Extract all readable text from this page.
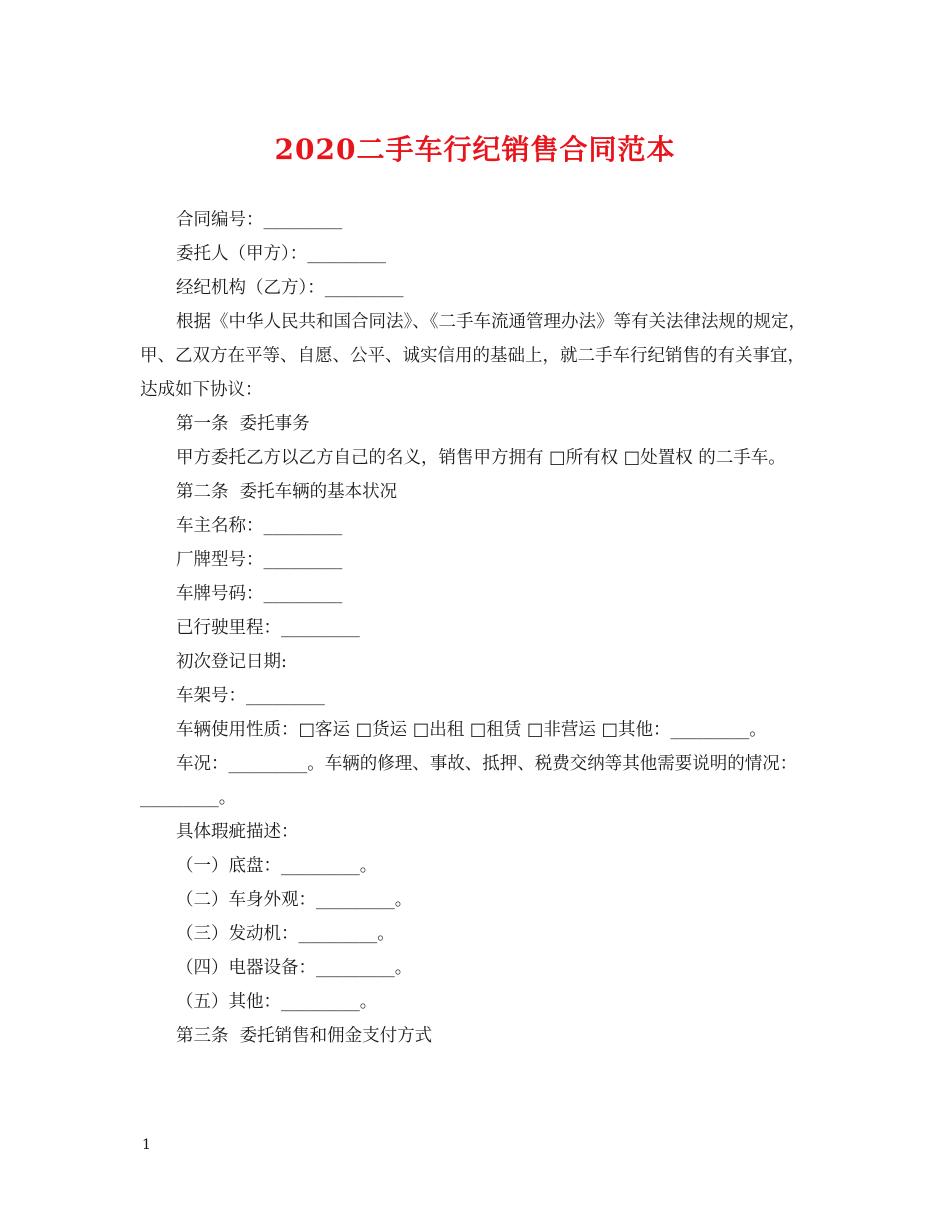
2020二手车行纪销售合同范本

合同编号：_________

委托人（甲方）：_________

经纪机构（乙方）：_________

根据《中华人民共和国合同法》、《二手车流通管理办法》等有关法律法规的规定，甲、乙双方在平等、自愿、公平、诚实信用的基础上，就二手车行纪销售的有关事宜，达成如下协议：

第一条  委托事务

甲方委托乙方以乙方自己的名义，销售甲方拥有 □所有权 □处置权 的二手车。

第二条  委托车辆的基本状况

车主名称：_________

厂牌型号：_________

车牌号码：_________

已行驶里程：_________

初次登记日期:

车架号：_________

车辆使用性质：□客运 □货运 □出租 □租赁 □非营运 □其他：_________。

车况：_________。车辆的修理、事故、抵押、税费交纳等其他需要说明的情况：_________。

具体瑕疵描述：

（一）底盘：_________。

（二）车身外观：_________。

（三）发动机：_________。

（四）电器设备：_________。

（五）其他：_________。

第三条  委托销售和佣金支付方式

1
